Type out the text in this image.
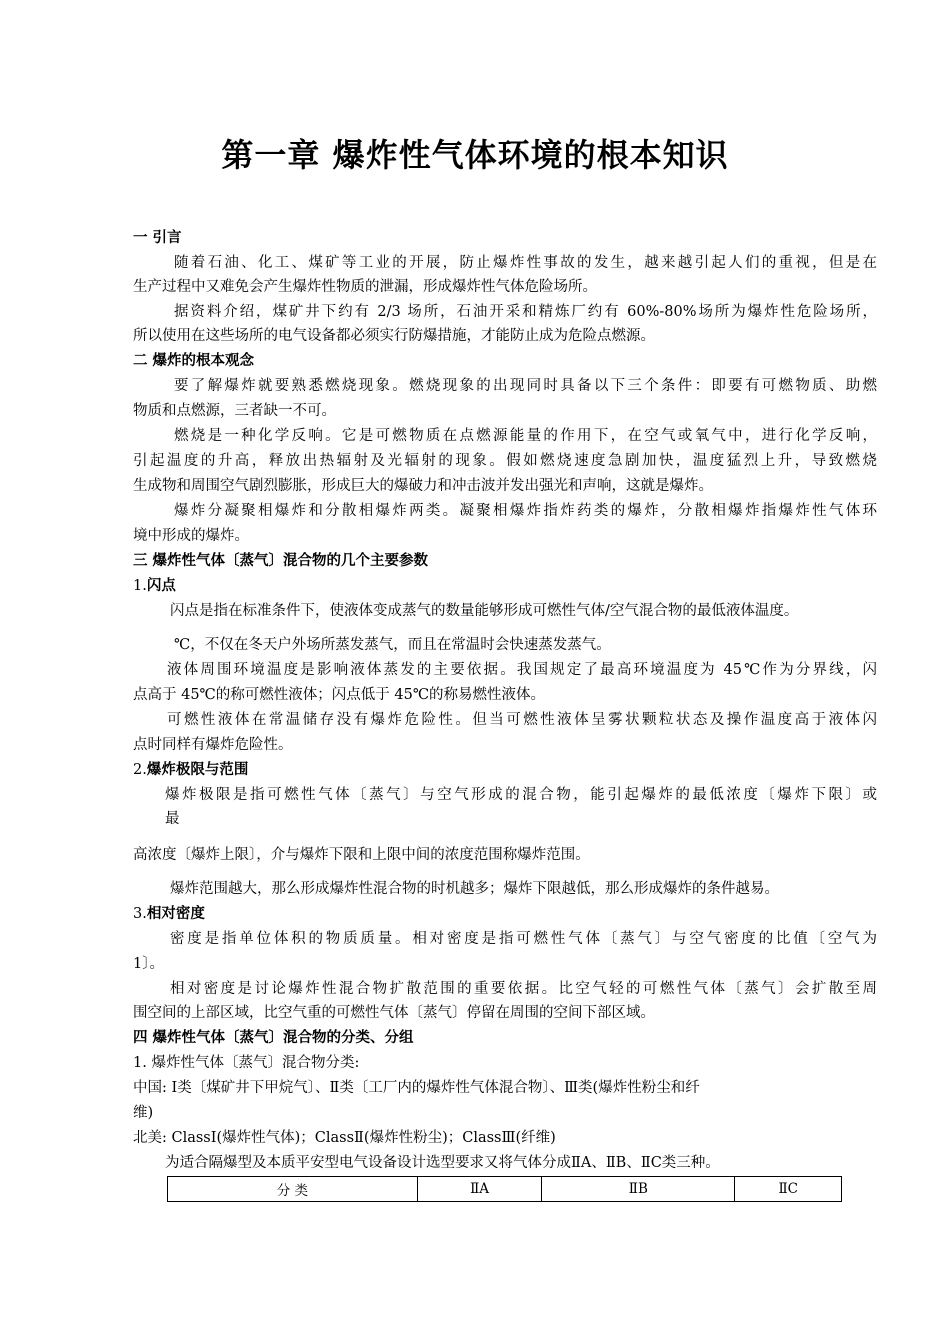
第一章 爆炸性气体环境的根本知识
一 引言
随着石油、化工、煤矿等工业的开展，防止爆炸性事故的发生，越来越引起人们的重视，但是在
生产过程中又难免会产生爆炸性物质的泄漏，形成爆炸性气体危险场所。
据资料介绍，煤矿井下约有 2/3 场所，石油开采和精炼厂约有 60%-80%场所为爆炸性危险场所，
所以使用在这些场所的电气设备都必须实行防爆措施，才能防止成为危险点燃源。
二 爆炸的根本观念
要了解爆炸就要熟悉燃烧现象。燃烧现象的出现同时具备以下三个条件：即要有可燃物质、助燃
物质和点燃源，三者缺一不可。
燃烧是一种化学反响。它是可燃物质在点燃源能量的作用下，在空气或氧气中，进行化学反响，
引起温度的升高，释放出热辐射及光辐射的现象。假如燃烧速度急剧加快，温度猛烈上升，导致燃烧
生成物和周围空气剧烈膨胀，形成巨大的爆破力和冲击波并发出强光和声响，这就是爆炸。
爆炸分凝聚相爆炸和分散相爆炸两类。凝聚相爆炸指炸药类的爆炸，分散相爆炸指爆炸性气体环
境中形成的爆炸。
三 爆炸性气体〔蒸气〕混合物的几个主要参数
1.闪点
闪点是指在标准条件下，使液体变成蒸气的数量能够形成可燃性气体/空气混合物的最低液体温度。
℃，不仅在冬天户外场所蒸发蒸气，而且在常温时会快速蒸发蒸气。
液体周围环境温度是影响液体蒸发的主要依据。我国规定了最高环境温度为 45℃作为分界线，闪
点高于 45℃的称可燃性液体；闪点低于 45℃的称易燃性液体。
可燃性液体在常温储存没有爆炸危险性。但当可燃性液体呈雾状颗粒状态及操作温度高于液体闪
点时同样有爆炸危险性。
2.爆炸极限与范围
爆炸极限是指可燃性气体〔蒸气〕与空气形成的混合物，能引起爆炸的最低浓度〔爆炸下限〕或
最
高浓度〔爆炸上限〕，介与爆炸下限和上限中间的浓度范围称爆炸范围。
爆炸范围越大，那么形成爆炸性混合物的时机越多；爆炸下限越低，那么形成爆炸的条件越易。
3.相对密度
密度是指单位体积的物质质量。相对密度是指可燃性气体〔蒸气〕与空气密度的比值〔空气为
1〕。
相对密度是讨论爆炸性混合物扩散范围的重要依据。比空气轻的可燃性气体〔蒸气〕会扩散至周
围空间的上部区域，比空气重的可燃性气体〔蒸气〕停留在周围的空间下部区域。
四 爆炸性气体〔蒸气〕混合物的分类、分组
1. 爆炸性气体〔蒸气〕混合物分类:
中国: Ⅰ类〔煤矿井下甲烷气〕、Ⅱ类〔工厂内的爆炸性气体混合物〕、Ⅲ类(爆炸性粉尘和纤
维)
北美: ClassⅠ(爆炸性气体)；ClassⅡ(爆炸性粉尘)；ClassⅢ(纤维)
为适合隔爆型及本质平安型电气设备设计选型要求又将气体分成ⅡA、ⅡB、ⅡC类三种。
分 类	ⅡA	ⅡB	ⅡC
